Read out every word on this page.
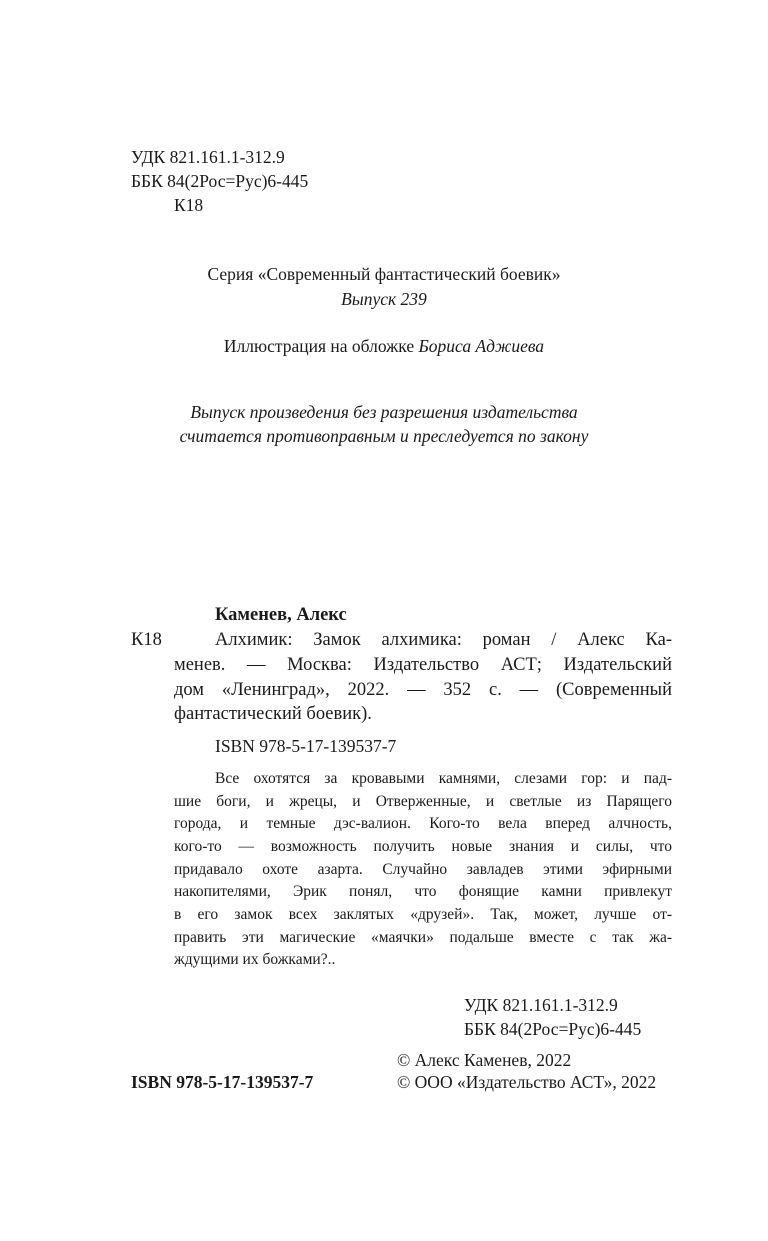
УДК 821.161.1-312.9
ББК 84(2Рос=Рус)6-445
К18
Серия «Современный фантастический боевик»
Выпуск 239
Иллюстрация на обложке Бориса Аджиева
Выпуск произведения без разрешения издательства
считается противоправным и преследуется по закону
Каменев, Алекс
К18	Алхимик: Замок алхимика: роман / Алекс Ка-
менев. — Москва: Издательство АСТ; Издательский
дом «Ленинград», 2022. — 352 с. — (Современный
фантастический боевик).
ISBN 978-5-17-139537-7
Все охотятся за кровавыми камнями, слезами гор: и пад-
шие боги, и жрецы, и Отверженные, и светлые из Парящего
города, и темные дэс-валион. Кого-то вела вперед алчность,
кого-то — возможность получить новые знания и силы, что
придавало охоте азарта. Случайно завладев этими эфирными
накопителями, Эрик понял, что фонящие камни привлекут
в его замок всех заклятых «друзей». Так, может, лучше от-
править эти магические «маячки» подальше вместе с так жа-
ждущими их божками?..
УДК 821.161.1-312.9
ББК 84(2Рос=Рус)6-445
© Алекс Каменев, 2022
© ООО «Издательство АСТ», 2022
ISBN 978-5-17-139537-7
